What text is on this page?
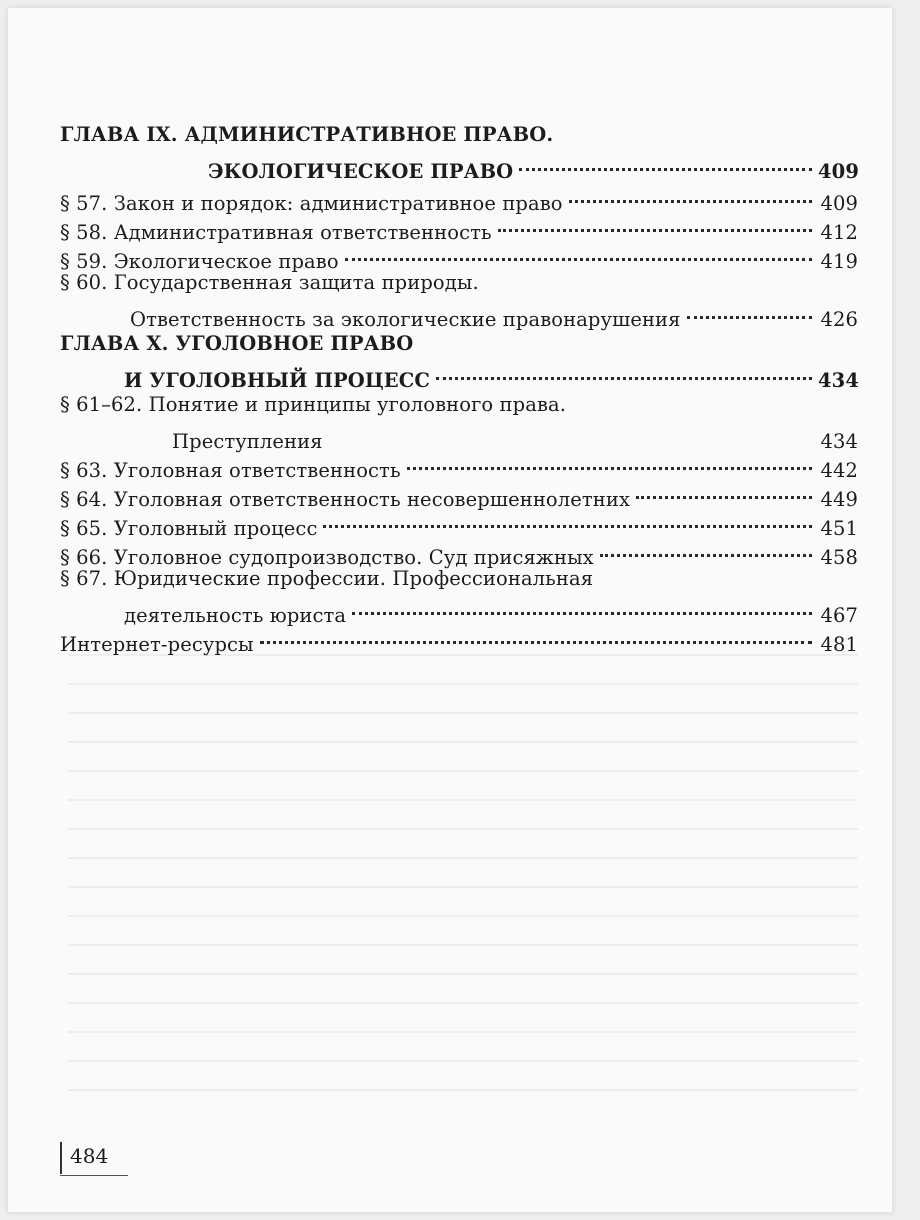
ГЛАВА IX. АДМИНИСТРАТИВНОЕ ПРАВО.
ЭКОЛОГИЧЕСКОЕ ПРАВО	409
§ 57. Закон и порядок: административное право	409
§ 58. Административная ответственность	412
§ 59. Экологическое право	419
§ 60. Государственная защита природы.
Ответственность за экологические правонарушения	426
ГЛАВА X. УГОЛОВНОЕ ПРАВО
И УГОЛОВНЫЙ ПРОЦЕСС	434
§ 61–62. Понятие и принципы уголовного права.
Преступления	434
§ 63. Уголовная ответственность	442
§ 64. Уголовная ответственность несовершеннолетних	449
§ 65. Уголовный процесс	451
§ 66. Уголовное судопроизводство. Суд присяжных	458
§ 67. Юридические профессии. Профессиональная
деятельность юриста	467
Интернет-ресурсы	481
484
